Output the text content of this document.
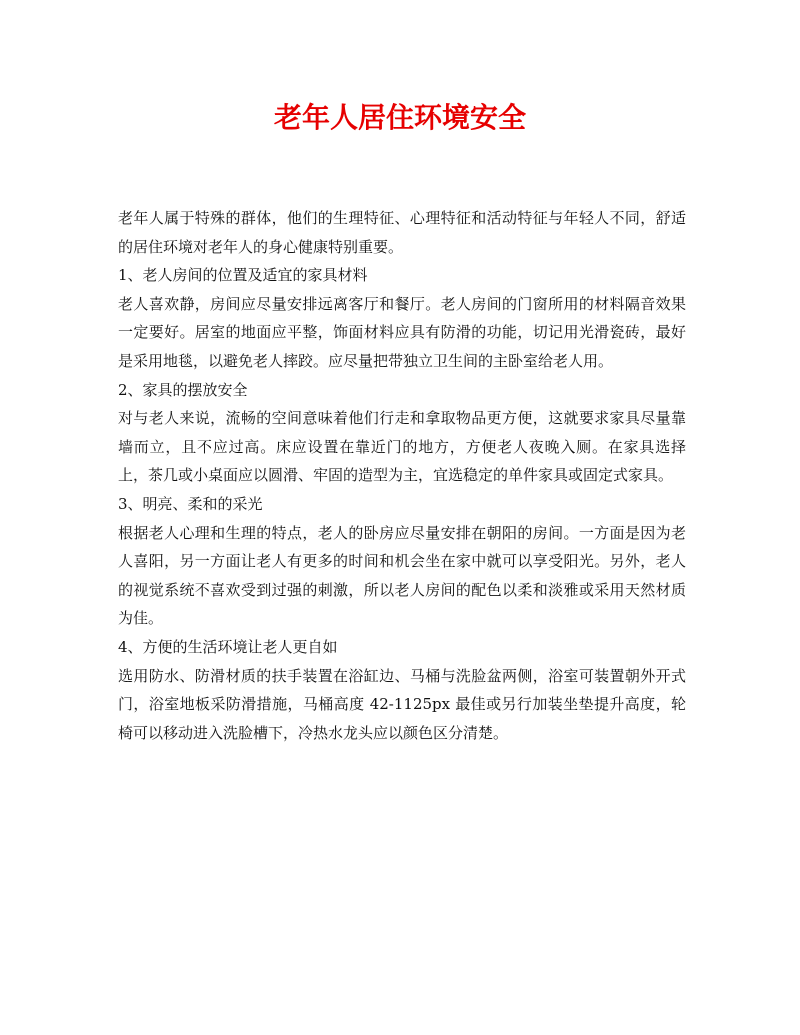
老年人居住环境安全

老年人属于特殊的群体，他们的生理特征、心理特征和活动特征与年轻人不同，舒适的居住环境对老年人的身心健康特别重要。

1、老人房间的位置及适宜的家具材料

老人喜欢静，房间应尽量安排远离客厅和餐厅。老人房间的门窗所用的材料隔音效果一定要好。居室的地面应平整，饰面材料应具有防滑的功能，切记用光滑瓷砖，最好是采用地毯，以避免老人摔跤。应尽量把带独立卫生间的主卧室给老人用。

2、家具的摆放安全

对与老人来说，流畅的空间意味着他们行走和拿取物品更方便，这就要求家具尽量靠墙而立，且不应过高。床应设置在靠近门的地方，方便老人夜晚入厕。在家具选择上，茶几或小桌面应以圆滑、牢固的造型为主，宜选稳定的单件家具或固定式家具。

3、明亮、柔和的采光

根据老人心理和生理的特点，老人的卧房应尽量安排在朝阳的房间。一方面是因为老人喜阳，另一方面让老人有更多的时间和机会坐在家中就可以享受阳光。另外，老人的视觉系统不喜欢受到过强的刺激，所以老人房间的配色以柔和淡雅或采用天然材质为佳。

4、方便的生活环境让老人更自如

选用防水、防滑材质的扶手装置在浴缸边、马桶与洗脸盆两侧，浴室可装置朝外开式门，浴室地板采防滑措施，马桶高度 42-1125px 最佳或另行加装坐垫提升高度，轮椅可以移动进入洗脸槽下，冷热水龙头应以颜色区分清楚。
